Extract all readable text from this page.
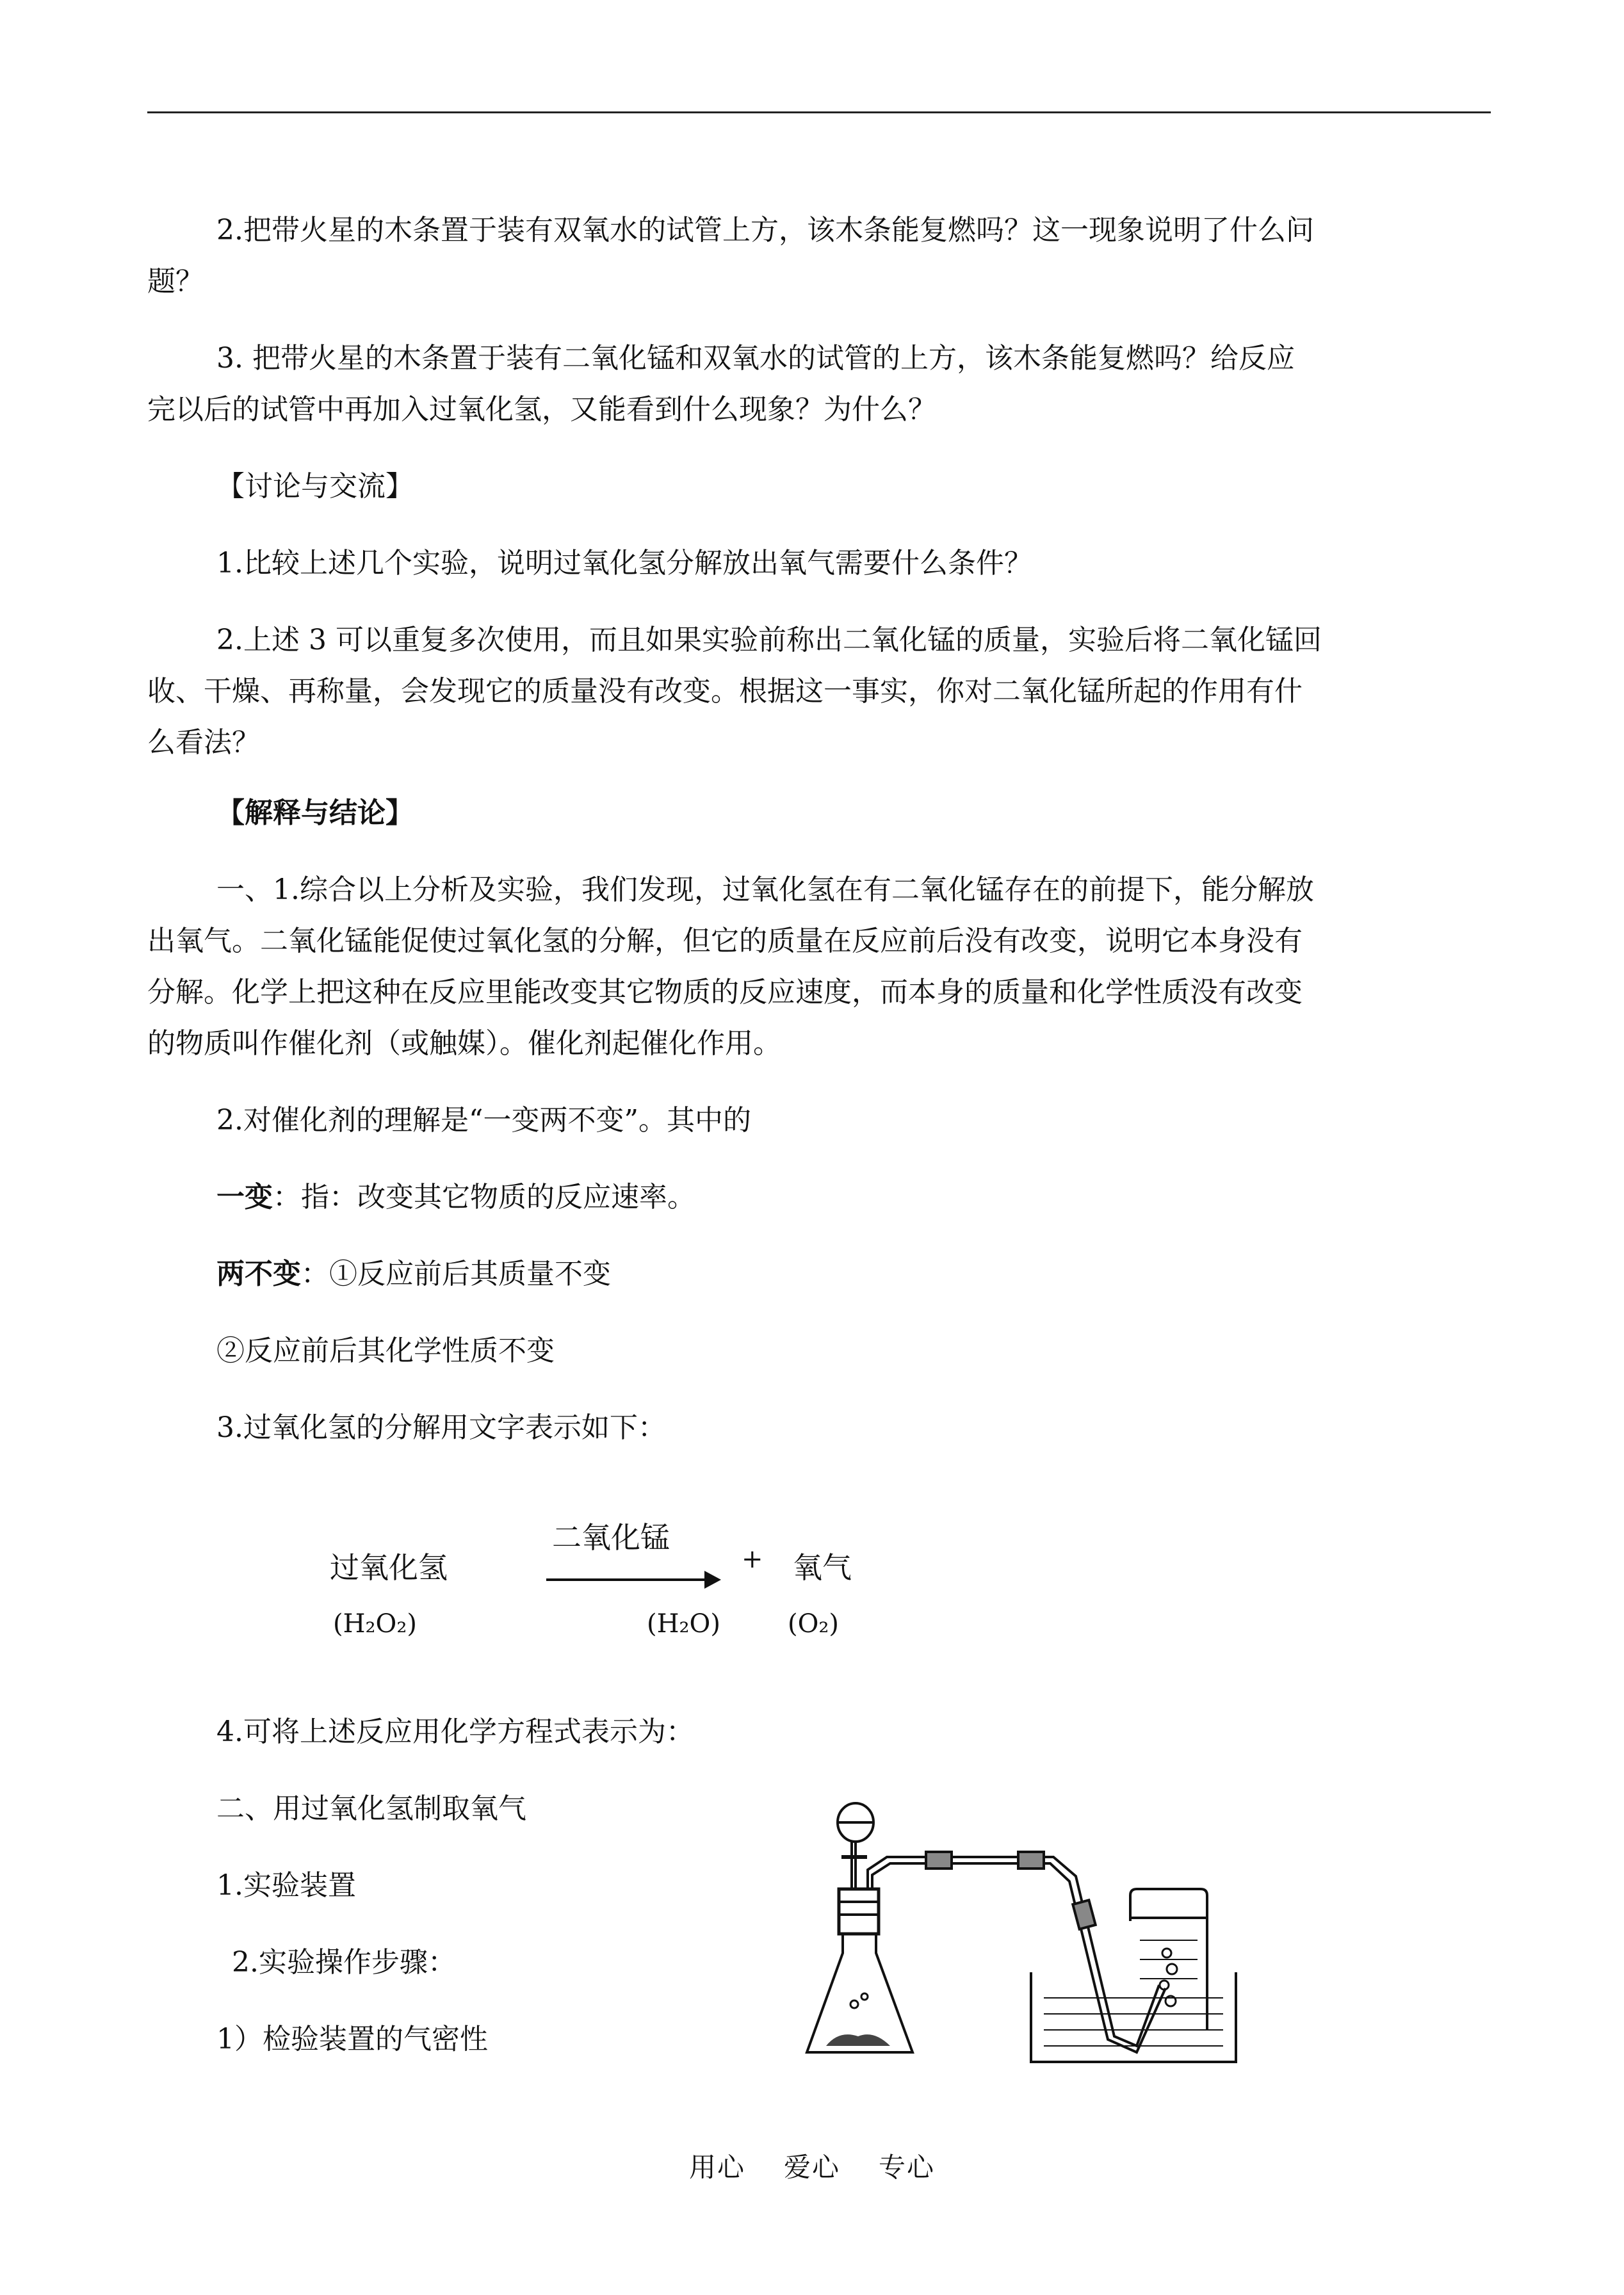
2.把带火星的木条置于装有双氧水的试管上方，该木条能复燃吗？这一现象说明了什么问
题？
3. 把带火星的木条置于装有二氧化锰和双氧水的试管的上方，该木条能复燃吗？给反应
完以后的试管中再加入过氧化氢，又能看到什么现象？为什么？
【讨论与交流】
1.比较上述几个实验，说明过氧化氢分解放出氧气需要什么条件？
2.上述 3 可以重复多次使用，而且如果实验前称出二氧化锰的质量，实验后将二氧化锰回
收、干燥、再称量，会发现它的质量没有改变。根据这一事实，你对二氧化锰所起的作用有什
么看法？
【解释与结论】
一、1.综合以上分析及实验，我们发现，过氧化氢在有二氧化锰存在的前提下，能分解放
出氧气。二氧化锰能促使过氧化氢的分解，但它的质量在反应前后没有改变，说明它本身没有
分解。化学上把这种在反应里能改变其它物质的反应速度，而本身的质量和化学性质没有改变
的物质叫作催化剂（或触媒）。催化剂起催化作用。
2.对催化剂的理解是“一变两不变”。其中的
一变：指：改变其它物质的反应速率。
两不变：①反应前后其质量不变
②反应前后其化学性质不变
3.过氧化氢的分解用文字表示如下：
过氧化氢
二氧化锰
+ 氧气
(H₂O₂)	(H₂O)	(O₂)
4.可将上述反应用化学方程式表示为：
二、用过氧化氢制取氧气
1.实验装置
2.实验操作步骤：
1）检验装置的气密性
用心 爱心 专心
